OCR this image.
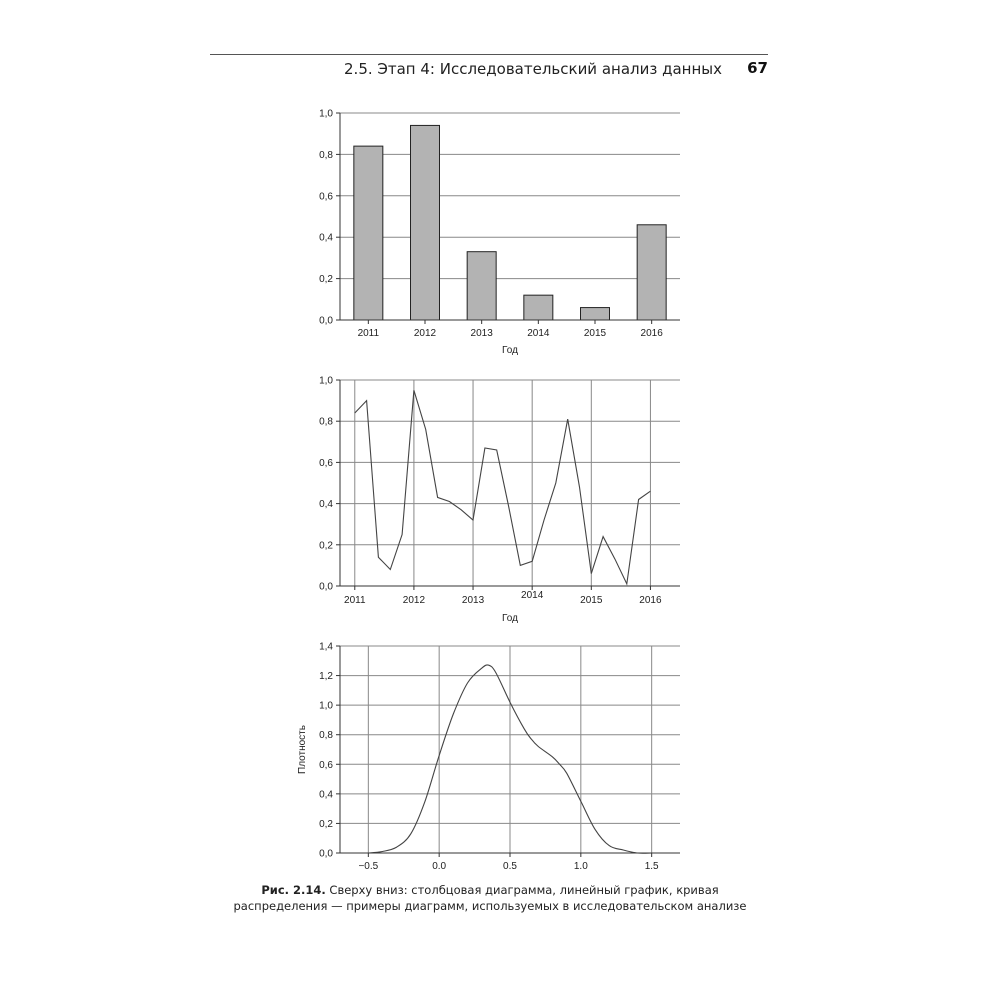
2.5. Этап 4: Исследовательский анализ данных	67
0,0
0,2
0,4
0,6
0,8
1,0
2011	2012	2013	2014	2015	2016
Год
0,0
0,2
0,4
0,6
0,8
1,0
2011	2012	2013	2014	2015	2016
Год
0,0
0,2
0,4
0,6
0,8
1,0
1,2
1,4
−0.5	0.0	0.5	1.0	1.5
Плотность
Рис. 2.14. Сверху вниз: столбцовая диаграмма, линейный график, кривая распределения — примеры диаграмм, используемых в исследовательском анализе
